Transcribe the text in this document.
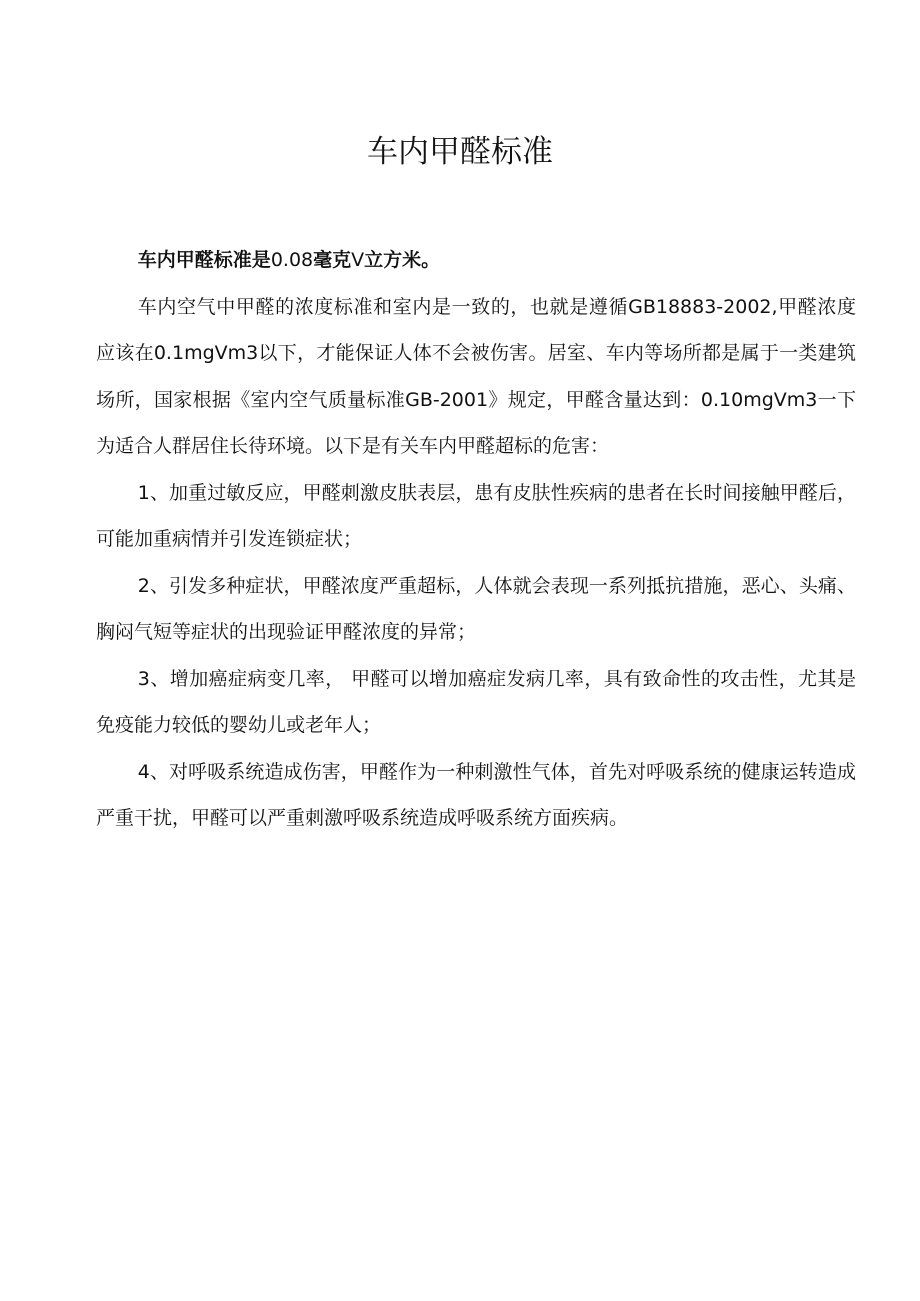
车内甲醛标准

车内甲醛标准是0.08毫克V立方米。

车内空气中甲醛的浓度标准和室内是一致的，也就是遵循GB18883-2002,甲醛浓度应该在0.1mgVm3以下，才能保证人体不会被伤害。居室、车内等场所都是属于一类建筑场所，国家根据《室内空气质量标准GB-2001》规定，甲醛含量达到：0.10mgVm3一下为适合人群居住长待环境。以下是有关车内甲醛超标的危害：

1、加重过敏反应，甲醛刺激皮肤表层，患有皮肤性疾病的患者在长时间接触甲醛后， 可能加重病情并引发连锁症状；

2、引发多种症状，甲醛浓度严重超标，人体就会表现一系列抵抗措施，恶心、头痛、胸闷气短等症状的出现验证甲醛浓度的异常；

3、增加癌症病变几率， 甲醛可以增加癌症发病几率，具有致命性的攻击性，尤其是免疫能力较低的婴幼儿或老年人；

4、对呼吸系统造成伤害，甲醛作为一种刺激性气体，首先对呼吸系统的健康运转造成严重干扰，甲醛可以严重刺激呼吸系统造成呼吸系统方面疾病。
